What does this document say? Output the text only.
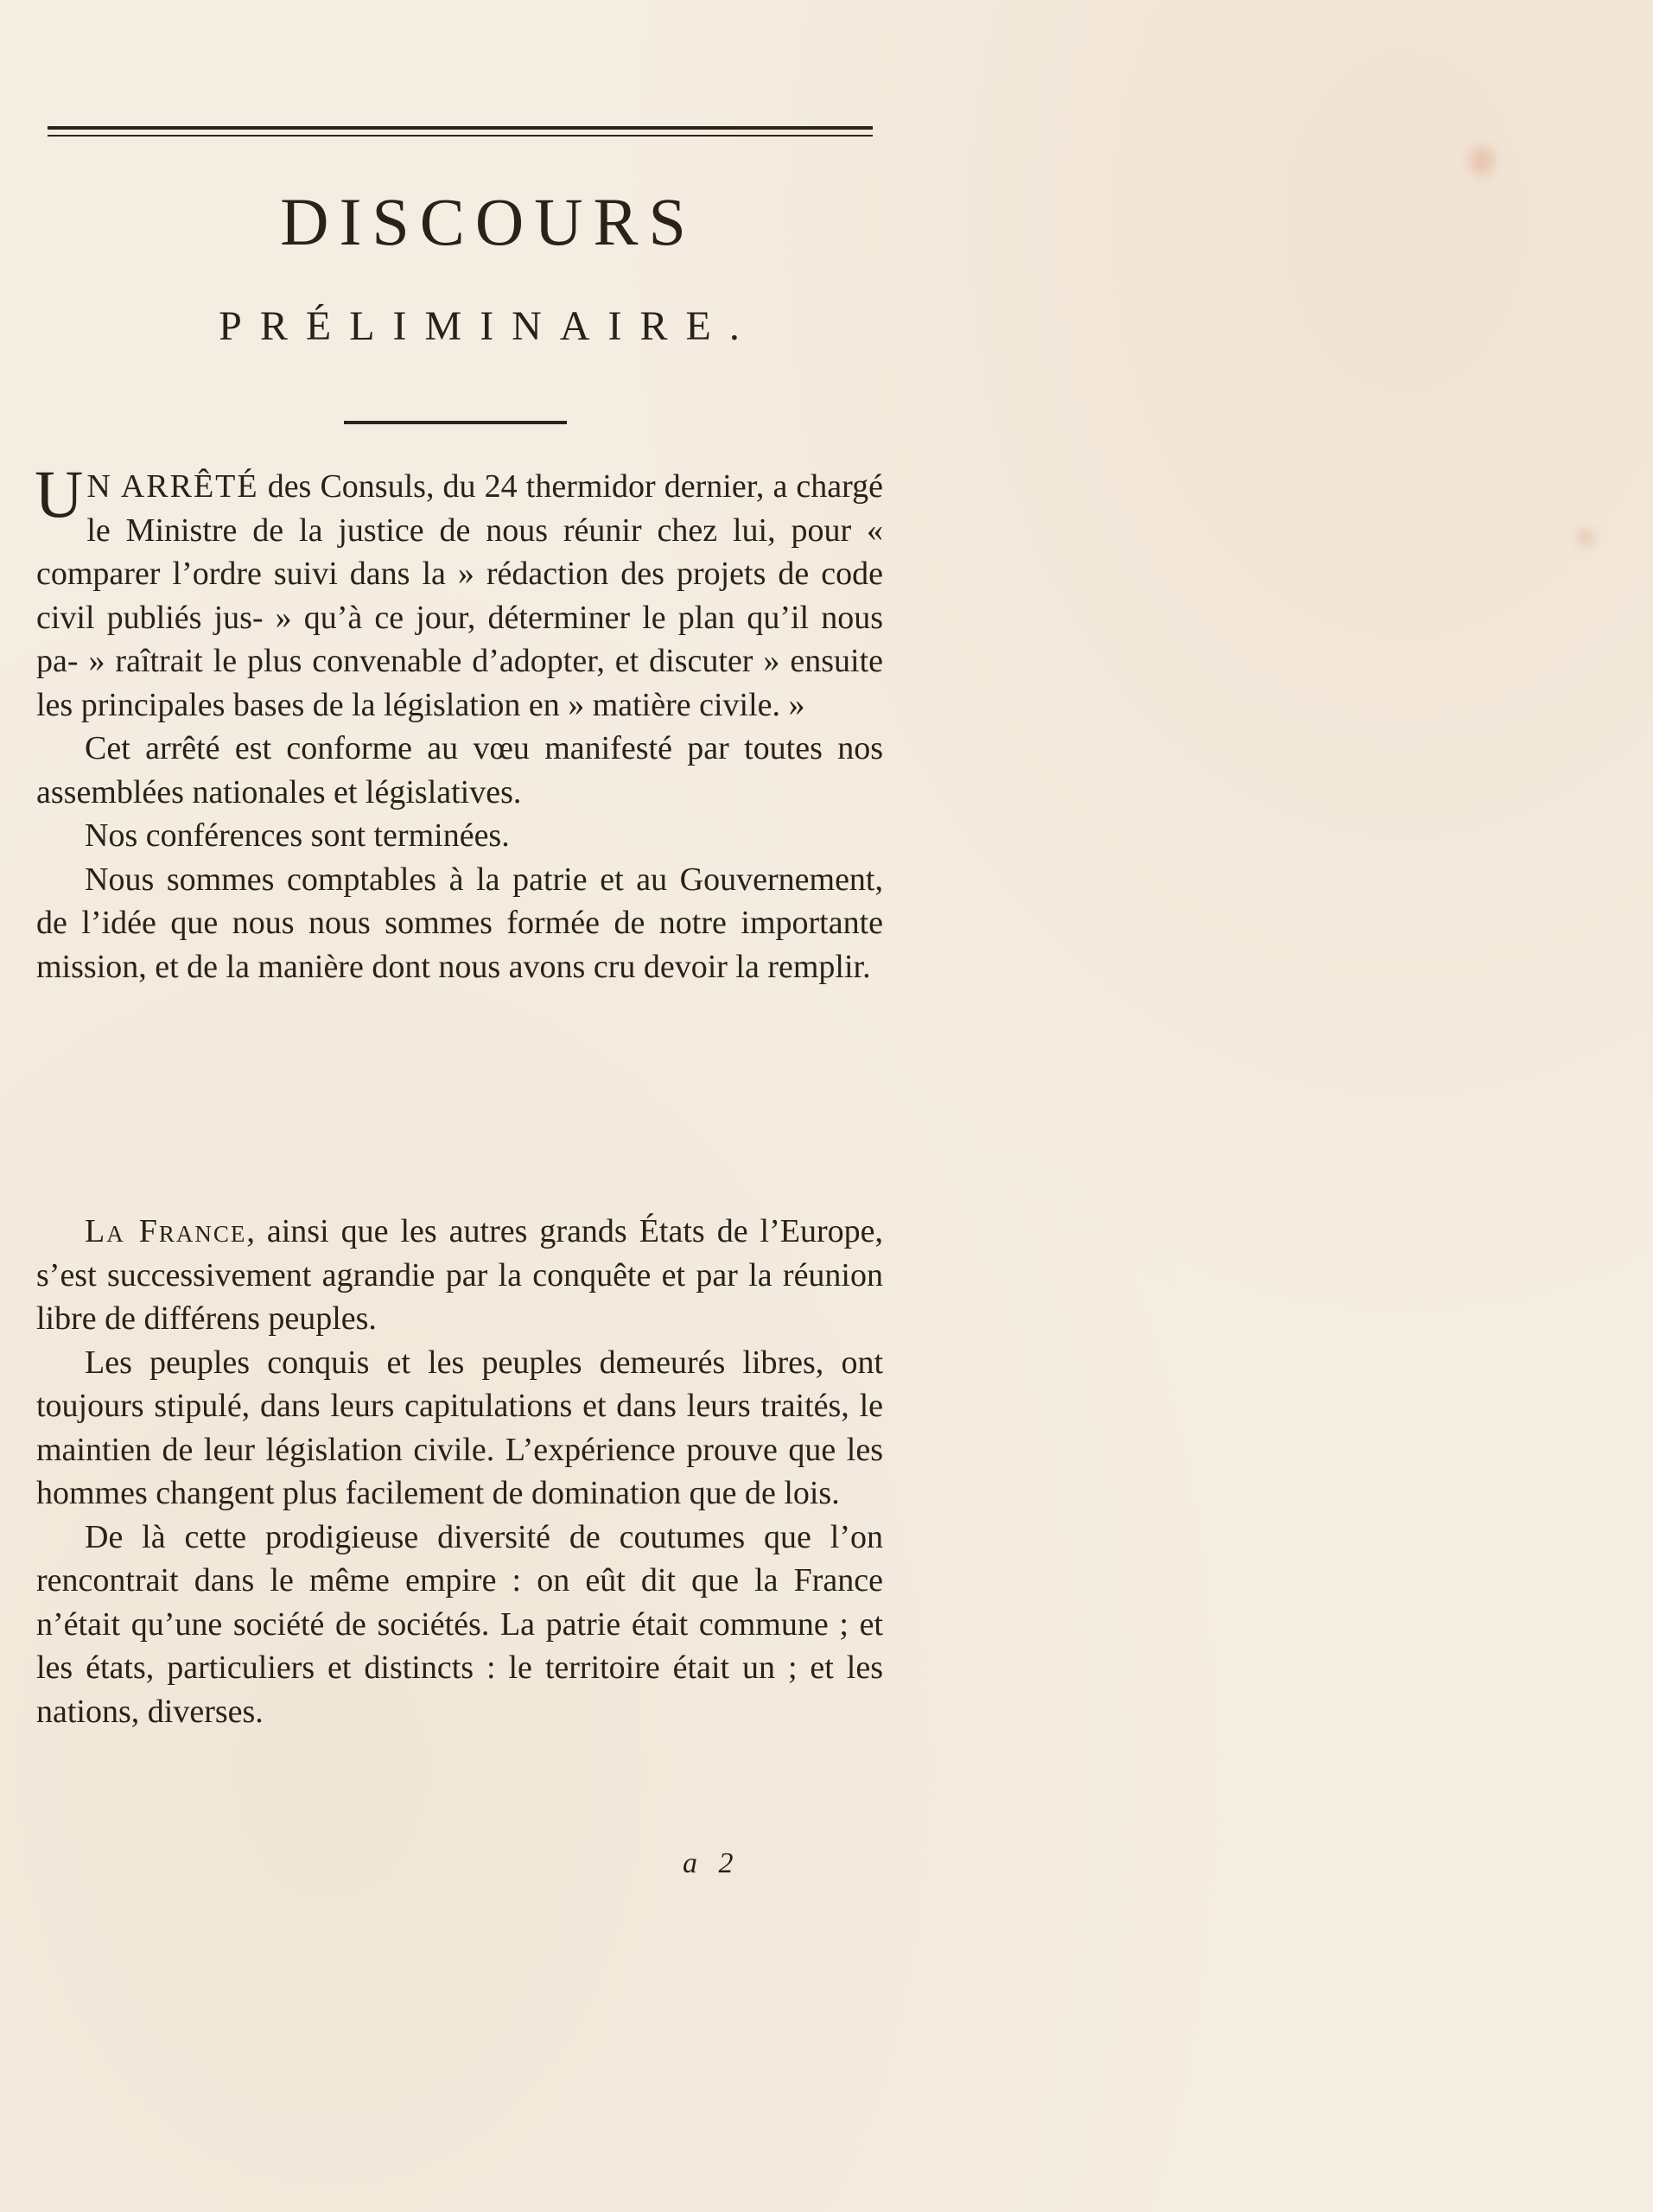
DISCOURS
PRÉLIMINAIRE.

U N ARRÊTÉ des Consuls, du 24 thermidor dernier, a chargé le Ministre de la justice de nous réunir chez lui, pour « comparer l’ordre suivi dans la » rédaction des projets de code civil publiés jus- » qu’à ce jour, déterminer le plan qu’il nous pa- » raîtrait le plus convenable d’adopter, et discuter » ensuite les principales bases de la législation en » matière civile. »

Cet arrêté est conforme au vœu manifesté par toutes nos assemblées nationales et législatives.

Nos conférences sont terminées.

Nous sommes comptables à la patrie et au Gouvernement, de l’idée que nous nous sommes formée de notre importante mission, et de la manière dont nous avons cru devoir la remplir.

La France, ainsi que les autres grands États de l’Europe, s’est successivement agrandie par la conquête et par la réunion libre de différens peuples.

Les peuples conquis et les peuples demeurés libres, ont toujours stipulé, dans leurs capitulations et dans leurs traités, le maintien de leur législation civile. L’expérience prouve que les hommes changent plus facilement de domination que de lois.

De là cette prodigieuse diversité de coutumes que l’on rencontrait dans le même empire : on eût dit que la France n’était qu’une société de sociétés. La patrie était commune ; et les états, particuliers et distincts : le territoire était un ; et les nations, diverses.

a 2
